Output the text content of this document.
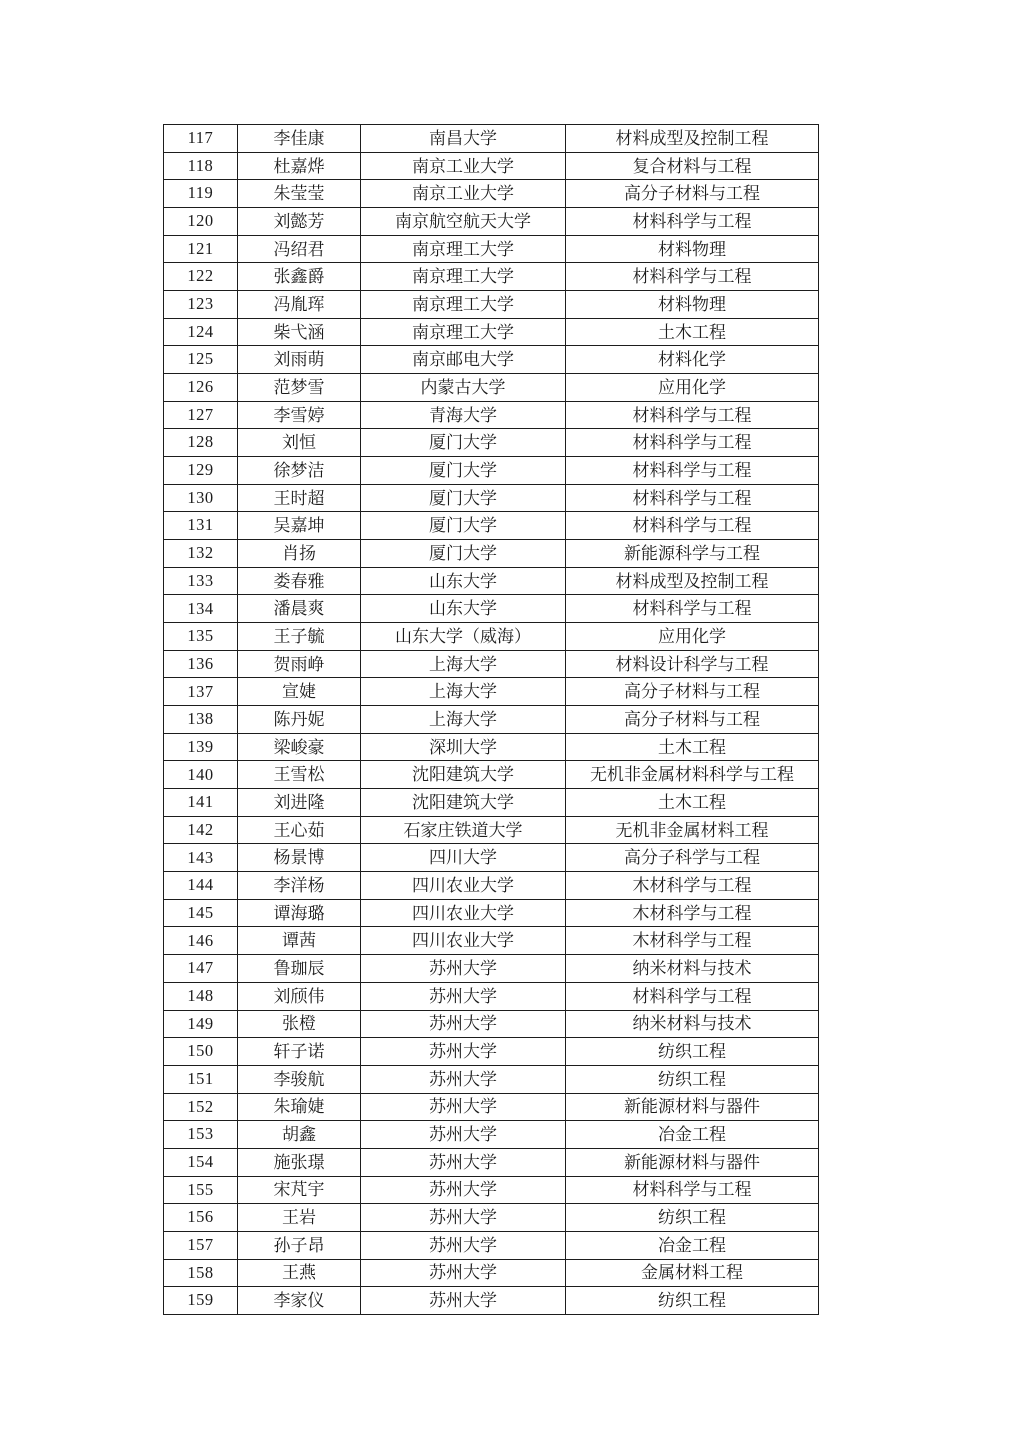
117	李佳康	南昌大学	材料成型及控制工程
118	杜嘉烨	南京工业大学	复合材料与工程
119	朱莹莹	南京工业大学	高分子材料与工程
120	刘懿芳	南京航空航天大学	材料科学与工程
121	冯绍君	南京理工大学	材料物理
122	张鑫爵	南京理工大学	材料科学与工程
123	冯胤珲	南京理工大学	材料物理
124	柴弋涵	南京理工大学	土木工程
125	刘雨萌	南京邮电大学	材料化学
126	范梦雪	内蒙古大学	应用化学
127	李雪婷	青海大学	材料科学与工程
128	刘恒	厦门大学	材料科学与工程
129	徐梦洁	厦门大学	材料科学与工程
130	王时超	厦门大学	材料科学与工程
131	吴嘉坤	厦门大学	材料科学与工程
132	肖扬	厦门大学	新能源科学与工程
133	娄春雅	山东大学	材料成型及控制工程
134	潘晨爽	山东大学	材料科学与工程
135	王子毓	山东大学（威海）	应用化学
136	贺雨峥	上海大学	材料设计科学与工程
137	宣婕	上海大学	高分子材料与工程
138	陈丹妮	上海大学	高分子材料与工程
139	梁峻豪	深圳大学	土木工程
140	王雪松	沈阳建筑大学	无机非金属材料科学与工程
141	刘进隆	沈阳建筑大学	土木工程
142	王心茹	石家庄铁道大学	无机非金属材料工程
143	杨景博	四川大学	高分子科学与工程
144	李洋杨	四川农业大学	木材科学与工程
145	谭海璐	四川农业大学	木材科学与工程
146	谭茜	四川农业大学	木材科学与工程
147	鲁珈辰	苏州大学	纳米材料与技术
148	刘颀伟	苏州大学	材料科学与工程
149	张橙	苏州大学	纳米材料与技术
150	轩子诺	苏州大学	纺织工程
151	李骏航	苏州大学	纺织工程
152	朱瑜婕	苏州大学	新能源材料与器件
153	胡鑫	苏州大学	冶金工程
154	施张璟	苏州大学	新能源材料与器件
155	宋芃宇	苏州大学	材料科学与工程
156	王岩	苏州大学	纺织工程
157	孙子昂	苏州大学	冶金工程
158	王燕	苏州大学	金属材料工程
159	李家仪	苏州大学	纺织工程
